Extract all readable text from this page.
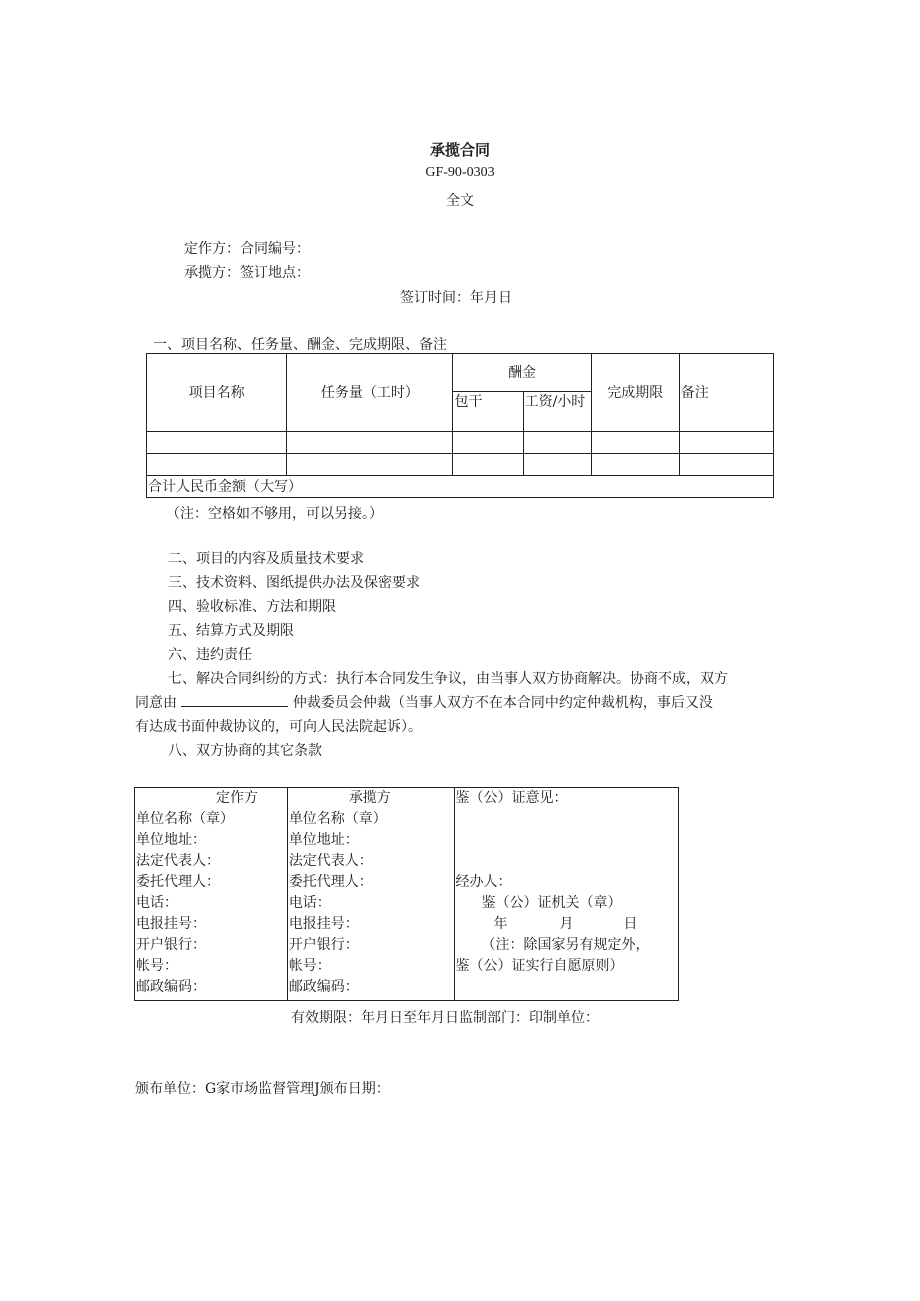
承揽合同
GF-90-0303
全文
定作方：合同编号：
承揽方：签订地点：
签订时间：年月日
一、项目名称、任务量、酬金、完成期限、备注
项目名称	任务量（工时）	酬金		完成期限	备注
		包干	工资/小时		

合计人民币金额（大写）					
（注：空格如不够用，可以另接。）
二、项目的内容及质量技术要求
三、技术资料、图纸提供办法及保密要求
四、验收标准、方法和期限
五、结算方式及期限
六、违约责任
七、解决合同纠纷的方式：执行本合同发生争议，由当事人双方协商解决。协商不成，双方
同意由	仲裁委员会仲裁（当事人双方不在本合同中约定仲裁机构，事后又没
有达成书面仲裁协议的，可向人民法院起诉）。
八、双方协商的其它条款
定作方
单位名称（章）
单位地址：
法定代表人：
委托代理人：
电话：
电报挂号：
开户银行：
帐号：
邮政编码：

承揽方
单位名称（章）
单位地址：
法定代表人：
委托代理人：
电话：
电报挂号：
开户银行：
帐号：
邮政编码：

鉴（公）证意见：
经办人：
鉴（公）证机关（章）
年	月	日
（注：除国家另有规定外，
鉴（公）证实行自愿原则）
有效期限：年月日至年月日监制部门：印制单位：
颁布单位：G家市场监督管理J颁布日期：
